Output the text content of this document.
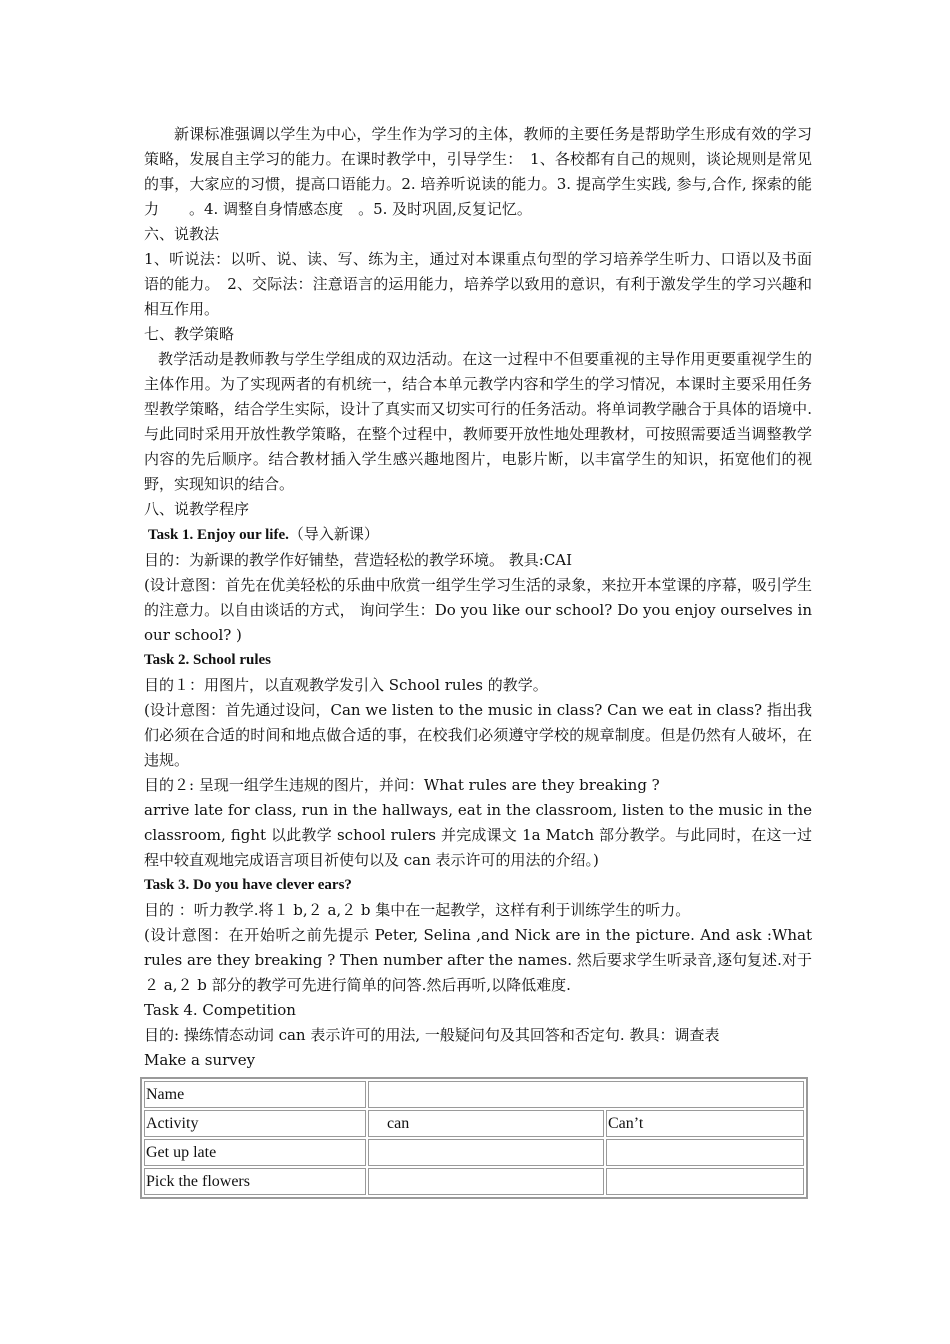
新课标准强调以学生为中心，学生作为学习的主体，教师的主要任务是帮助学生形成有效的学习策略，发展自主学习的能力。在课时教学中，引导学生：　1、各校都有自己的规则，谈论规则是常见的事，大家应的习惯，提高口语能力。2. 培养听说读的能力。3. 提高学生实践, 参与,合作, 探索的能力　　。4. 调整自身情感态度　。5. 及时巩固,反复记忆。

六、说教法

1、听说法：以听、说、读、写、练为主，通过对本课重点句型的学习培养学生听力、口语以及书面语的能力。　2、交际法：注意语言的运用能力，培养学以致用的意识，有利于激发学生的学习兴趣和相互作用。

七、教学策略

教学活动是教师教与学生学组成的双边活动。在这一过程中不但要重视的主导作用更要重视学生的主体作用。为了实现两者的有机统一，结合本单元教学内容和学生的学习情况，本课时主要采用任务型教学策略，结合学生实际，设计了真实而又切实可行的任务活动。将单词教学融合于具体的语境中. 与此同时采用开放性教学策略，在整个过程中，教师要开放性地处理教材，可按照需要适当调整教学内容的先后顺序。结合教材插入学生感兴趣地图片，电影片断，以丰富学生的知识，拓宽他们的视野，实现知识的结合。

八、说教学程序

Task 1. Enjoy our life.（导入新课）

目的：为新课的教学作好铺垫，营造轻松的教学环境。 教具:CAI

(设计意图：首先在优美轻松的乐曲中欣赏一组学生学习生活的录象，来拉开本堂课的序幕，吸引学生的注意力。以自由谈话的方式， 询问学生：Do you like our school? Do you enjoy ourselves in our school? )

Task 2. School rules

目的１：用图片，以直观教学发引入 School rules 的教学。

(设计意图：首先通过设问，Can we listen to the music in class? Can we eat in class? 指出我们必须在合适的时间和地点做合适的事，在校我们必须遵守学校的规章制度。但是仍然有人破坏，在违规。

目的２: 呈现一组学生违规的图片，并问：What rules are they breaking ?

arrive late for class, run in the hallways, eat in the classroom, listen to the music in the classroom, fight 以此教学 school rulers 并完成课文 1a Match 部分教学。与此同时，在这一过程中较直观地完成语言项目祈使句以及 can 表示许可的用法的介绍。)

Task 3. Do you have clever ears?

目的 ：听力教学.将１ b,２ a,２ b 集中在一起教学，这样有利于训练学生的听力。

(设计意图：在开始听之前先提示 Peter, Selina ,and Nick are in the picture. And ask :What rules are they breaking ? Then number after the names. 然后要求学生听录音,逐句复述.对于２ a,２ b 部分的教学可先进行简单的问答.然后再听,以降低难度.

Task 4. Competition

目的: 操练情态动词 can 表示许可的用法, 一般疑问句及其回答和否定句. 教具：调查表

Make a survey

Name		
Activity	can	Can’t
Get up late		
Pick the flowers		
